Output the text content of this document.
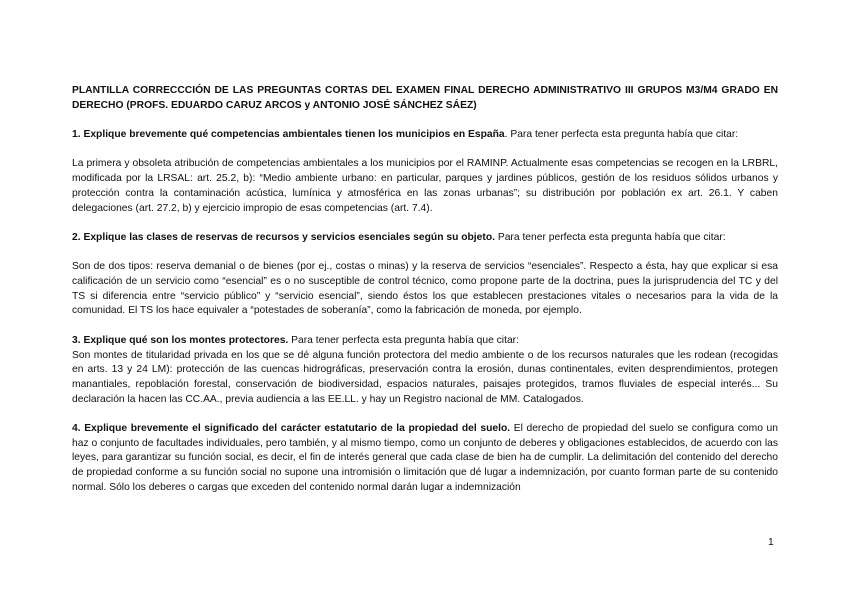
PLANTILLA CORRECCCIÓN DE LAS PREGUNTAS CORTAS DEL EXAMEN FINAL DERECHO ADMINISTRATIVO III GRUPOS M3/M4 GRADO EN DERECHO (PROFS. EDUARDO CARUZ ARCOS y ANTONIO JOSÉ SÁNCHEZ SÁEZ)

1. Explique brevemente qué competencias ambientales tienen los municipios en España. Para tener perfecta esta pregunta había que citar:

La primera y obsoleta atribución de competencias ambientales a los municipios por el RAMINP. Actualmente esas competencias se recogen en la LRBRL, modificada por la LRSAL: art. 25.2, b): “Medio ambiente urbano: en particular, parques y jardines públicos, gestión de los residuos sólidos urbanos y protección contra la contaminación acústica, lumínica y atmosférica en las zonas urbanas”; su distribución por población ex art. 26.1. Y caben delegaciones (art. 27.2, b) y ejercicio impropio de esas competencias (art. 7.4).

2. Explique las clases de reservas de recursos y servicios esenciales según su objeto. Para tener perfecta esta pregunta había que citar:

Son de dos tipos: reserva demanial o de bienes (por ej., costas o minas) y la reserva de servicios “esenciales”. Respecto a ésta, hay que explicar si esa calificación de un servicio como “esencial” es o no susceptible de control técnico, como propone parte de la doctrina, pues la jurisprudencia del TC y del TS si diferencia entre “servicio público” y “servicio esencial”, siendo éstos los que establecen prestaciones vitales o necesarios para la vida de la comunidad. El TS los hace equivaler a “potestades de soberanía”, como la fabricación de moneda, por ejemplo.

3. Explique qué son los montes protectores. Para tener perfecta esta pregunta había que citar:

Son montes de titularidad privada en los que se dé alguna función protectora del medio ambiente o de los recursos naturales que les rodean (recogidas en arts. 13 y 24 LM): protección de las cuencas hidrográficas, preservación contra la erosión, dunas continentales, eviten desprendimientos, protegen manantiales, repoblación forestal, conservación de biodiversidad, espacios naturales, paisajes protegidos, tramos fluviales de especial interés... Su declaración la hacen las CC.AA., previa audiencia a las EE.LL. y hay un Registro nacional de MM. Catalogados.

4. Explique brevemente el significado del carácter estatutario de la propiedad del suelo. El derecho de propiedad del suelo se configura como un haz o conjunto de facultades individuales, pero también, y al mismo tiempo, como un conjunto de deberes y obligaciones establecidos, de acuerdo con las leyes, para garantizar su función social, es decir, el fin de interés general que cada clase de bien ha de cumplir. La delimitación del contenido del derecho de propiedad conforme a su función social no supone una intromisión o limitación que dé lugar a indemnización, por cuanto forman parte de su contenido normal. Sólo los deberes o cargas que exceden del contenido normal darán lugar a indemnización

1
